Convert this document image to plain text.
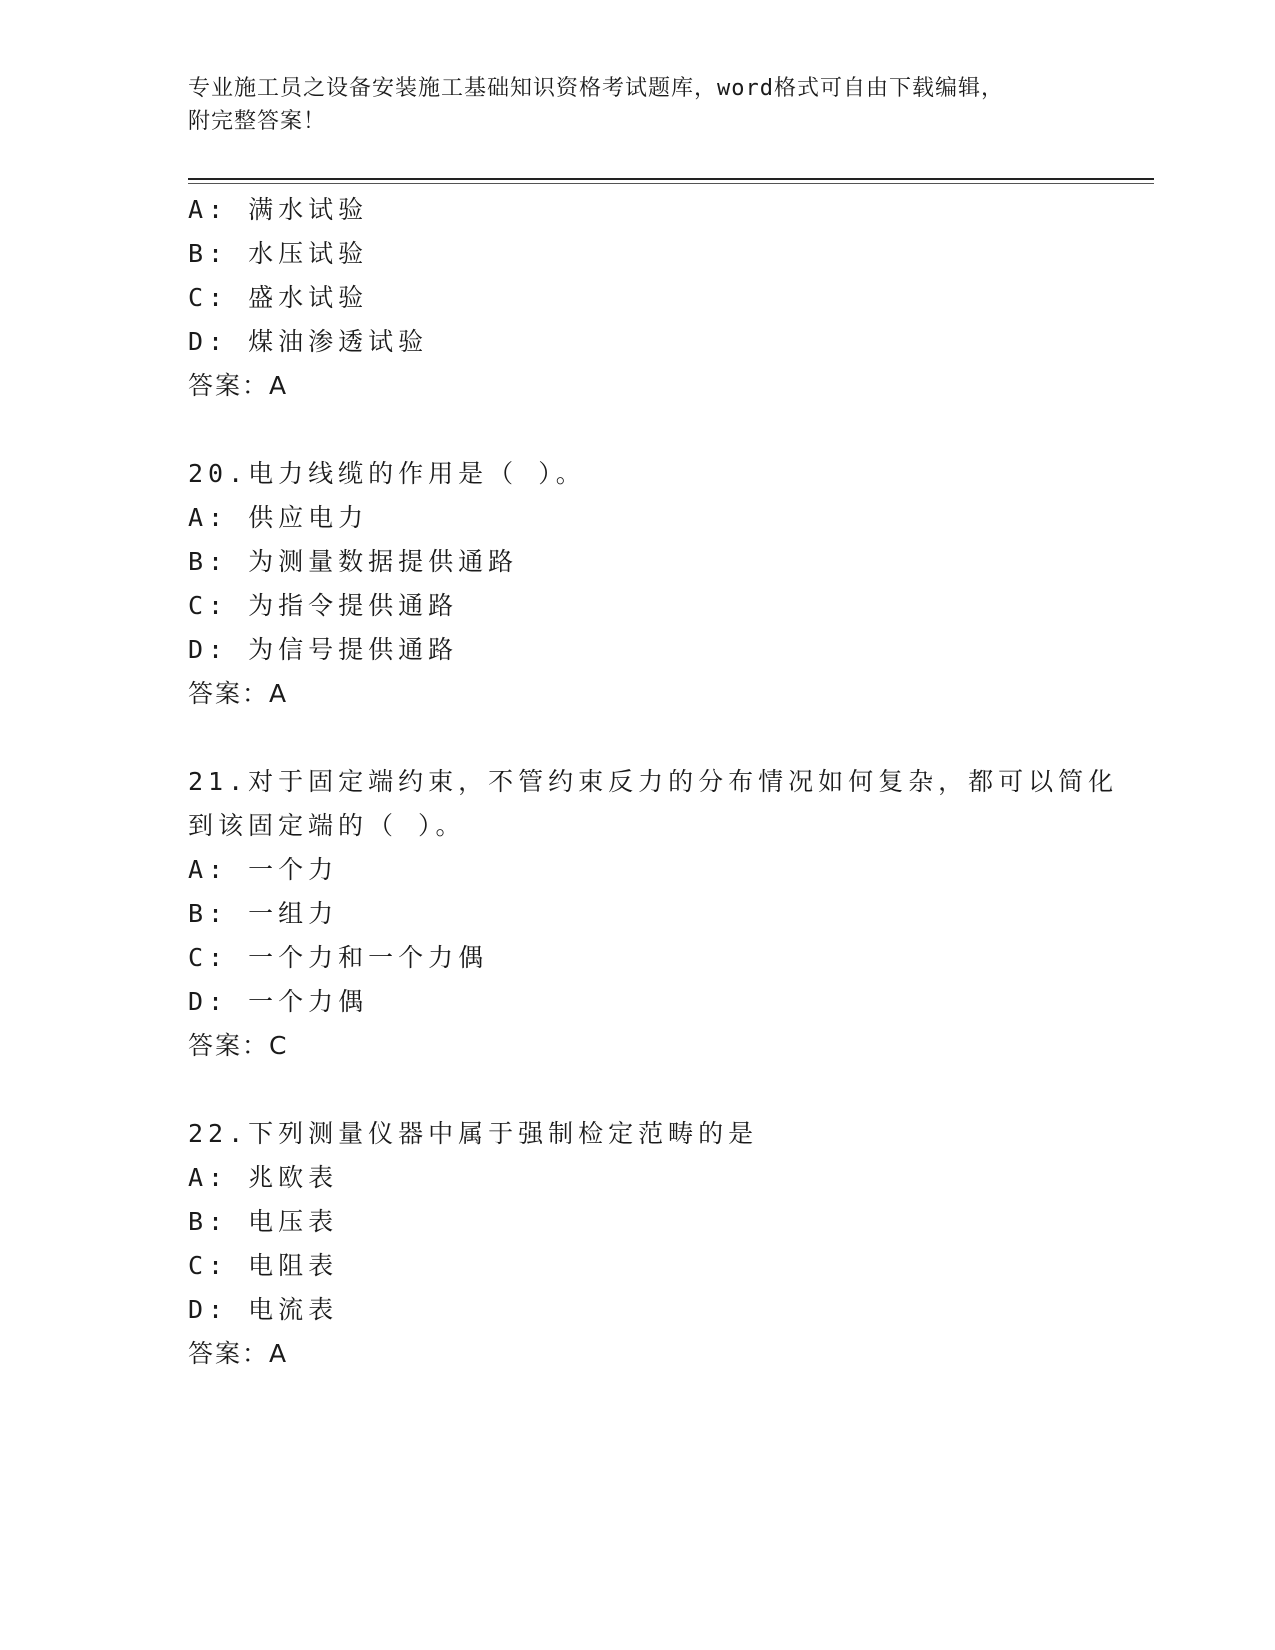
专业施工员之设备安装施工基础知识资格考试题库，word格式可自由下载编辑，
附完整答案！
A: 满水试验
B: 水压试验
C: 盛水试验
D: 煤油渗透试验
答案：A
20.电力线缆的作用是（ ）。
A: 供应电力
B: 为测量数据提供通路
C: 为指令提供通路
D: 为信号提供通路
答案：A
21.对于固定端约束，不管约束反力的分布情况如何复杂，都可以简化
到该固定端的（ ）。
A: 一个力
B: 一组力
C: 一个力和一个力偶
D: 一个力偶
答案：C
22.下列测量仪器中属于强制检定范畴的是
A: 兆欧表
B: 电压表
C: 电阻表
D: 电流表
答案：A
